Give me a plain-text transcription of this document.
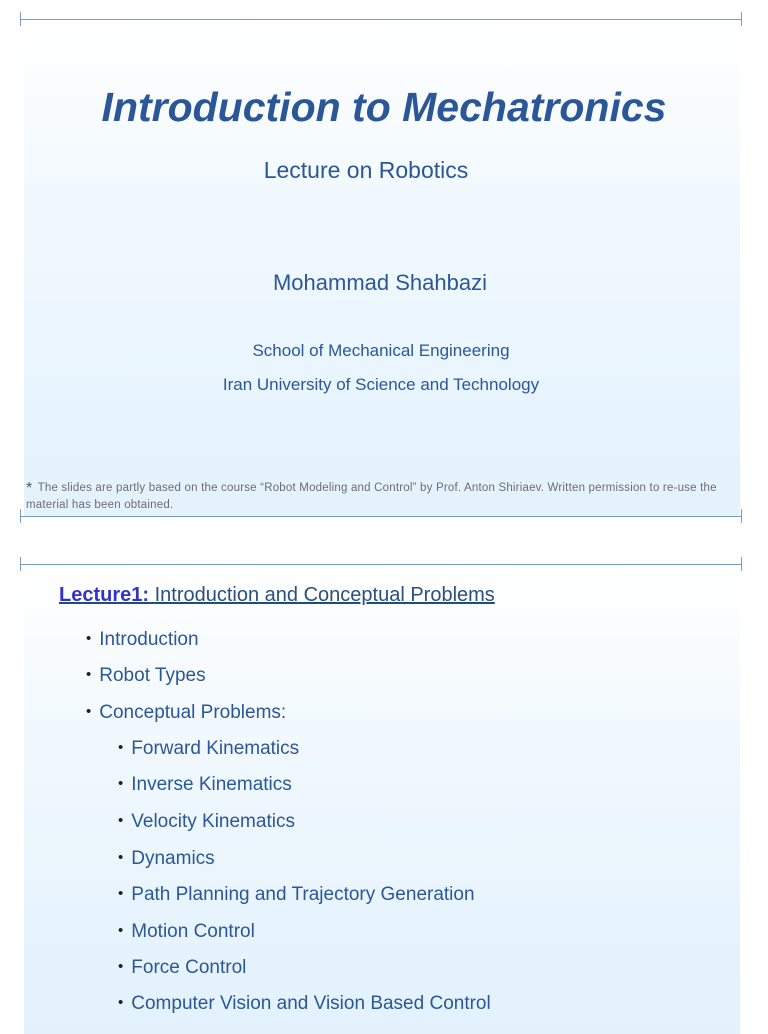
Introduction to Mechatronics
Lecture on Robotics
Mohammad Shahbazi
School of Mechanical Engineering
Iran University of Science and Technology
* The slides are partly based on the course “Robot Modeling and Control” by Prof. Anton Shiriaev. Written permission to re-use the material has been obtained.
Lecture1: Introduction and Conceptual Problems
• Introduction
• Robot Types
• Conceptual Problems:
• Forward Kinematics
• Inverse Kinematics
• Velocity Kinematics
• Dynamics
• Path Planning and Trajectory Generation
• Motion Control
• Force Control
• Computer Vision and Vision Based Control
